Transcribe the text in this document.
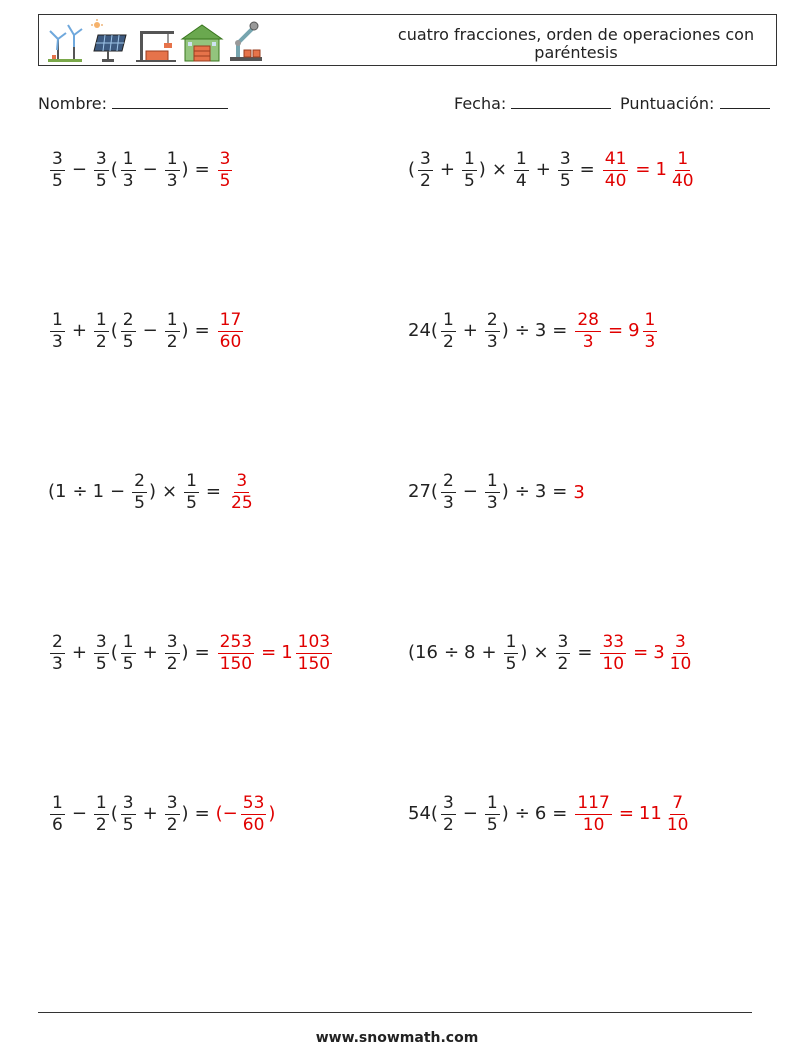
cuatro fracciones, orden de operaciones con paréntesis
Nombre:	Fecha:	Puntuación:
$\frac{3}{5} - \frac{3}{5}$ ( $\frac{1}{3} - \frac{1}{3}$ ) = $\frac{3}{5}$	( $\frac{3}{2} + \frac{1}{5}$ ) × $\frac{1}{4} + \frac{3}{5} = \frac{41}{40} = 1 \frac{1}{40}$
$\frac{1}{3} + \frac{1}{2}$ ( $\frac{2}{5} - \frac{1}{2}$ ) = $\frac{17}{60}$	$24( \frac{1}{2} + \frac{2}{3}$ ) ÷ $3 = \frac{28}{3} = 9 \frac{1}{3}$
($1 \div 1 - \frac{2}{5}$ ) × $\frac{1}{5} = \frac{3}{25}$	$27( \frac{2}{3} - \frac{1}{3}$ ) ÷ 3 = 3
$\frac{2}{3} + \frac{3}{5}$ ( $\frac{1}{5} + \frac{3}{2}$ ) = $\frac{253}{150} = 1 \frac{103}{150}$	($16 \div 8 + \frac{1}{5}$ ) × $\frac{3}{2} = \frac{33}{10} = 3 \frac{3}{10}$
$\frac{1}{6} - \frac{1}{2}$ ( $\frac{3}{5} + \frac{3}{2}$ ) = (− $\frac{53}{60}$ )	$54( \frac{3}{2} - \frac{1}{5}$ ) ÷ $6 = \frac{117}{10} = 11 \frac{7}{10}$
www.snowmath.com
